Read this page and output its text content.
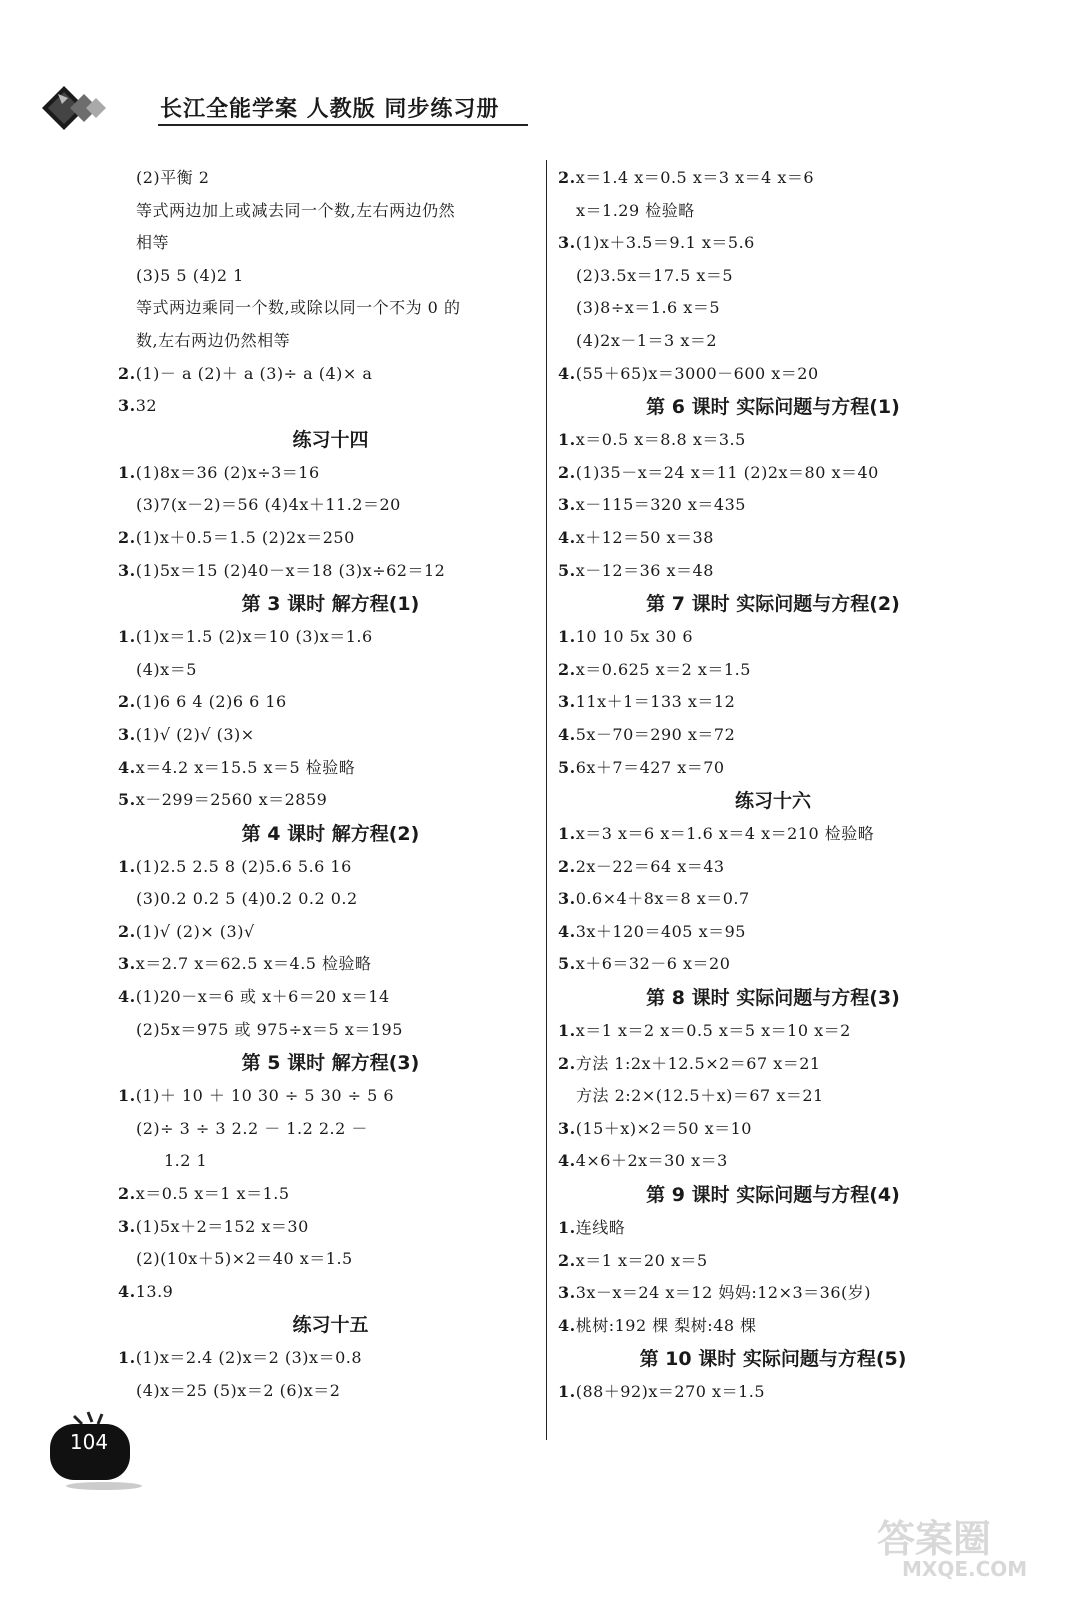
长江全能学案 人教版 同步练习册
(2)平衡 2
等式两边加上或减去同一个数,左右两边仍然
相等
(3)5 5 (4)2 1
等式两边乘同一个数,或除以同一个不为 0 的
数,左右两边仍然相等
2.(1)－ a (2)＋ a (3)÷ a (4)× a
3.32
练习十四
1.(1)8x＝36 (2)x÷3＝16
(3)7(x－2)＝56 (4)4x＋11.2＝20
2.(1)x＋0.5＝1.5 (2)2x＝250
3.(1)5x＝15 (2)40－x＝18 (3)x÷62＝12
第 3 课时 解方程(1)
1.(1)x＝1.5 (2)x＝10 (3)x＝1.6
(4)x＝5
2.(1)6 6 4 (2)6 6 16
3.(1)√ (2)√ (3)×
4.x＝4.2 x＝15.5 x＝5 检验略
5.x－299＝2560 x＝2859
第 4 课时 解方程(2)
1.(1)2.5 2.5 8 (2)5.6 5.6 16
(3)0.2 0.2 5 (4)0.2 0.2 0.2
2.(1)√ (2)× (3)√
3.x＝2.7 x＝62.5 x＝4.5 检验略
4.(1)20－x＝6 或 x＋6＝20 x＝14
(2)5x＝975 或 975÷x＝5 x＝195
第 5 课时 解方程(3)
1.(1)＋ 10 ＋ 10 30 ÷ 5 30 ÷ 5 6
(2)÷ 3 ÷ 3 2.2 － 1.2 2.2 －
1.2 1
2.x＝0.5 x＝1 x＝1.5
3.(1)5x＋2＝152 x＝30
(2)(10x＋5)×2＝40 x＝1.5
4.13.9
练习十五
1.(1)x＝2.4 (2)x＝2 (3)x＝0.8
(4)x＝25 (5)x＝2 (6)x＝2
2.x＝1.4 x＝0.5 x＝3 x＝4 x＝6
x＝1.29 检验略
3.(1)x＋3.5＝9.1 x＝5.6
(2)3.5x＝17.5 x＝5
(3)8÷x＝1.6 x＝5
(4)2x－1＝3 x＝2
4.(55＋65)x＝3000－600 x＝20
第 6 课时 实际问题与方程(1)
1.x＝0.5 x＝8.8 x＝3.5
2.(1)35－x＝24 x＝11 (2)2x＝80 x＝40
3.x－115＝320 x＝435
4.x＋12＝50 x＝38
5.x－12＝36 x＝48
第 7 课时 实际问题与方程(2)
1.10 10 5x 30 6
2.x＝0.625 x＝2 x＝1.5
3.11x＋1＝133 x＝12
4.5x－70＝290 x＝72
5.6x＋7＝427 x＝70
练习十六
1.x＝3 x＝6 x＝1.6 x＝4 x＝210 检验略
2.2x－22＝64 x＝43
3.0.6×4＋8x＝8 x＝0.7
4.3x＋120＝405 x＝95
5.x＋6＝32－6 x＝20
第 8 课时 实际问题与方程(3)
1.x＝1 x＝2 x＝0.5 x＝5 x＝10 x＝2
2.方法 1:2x＋12.5×2＝67 x＝21
方法 2:2×(12.5＋x)＝67 x＝21
3.(15＋x)×2＝50 x＝10
4.4×6＋2x＝30 x＝3
第 9 课时 实际问题与方程(4)
1.连线略
2.x＝1 x＝20 x＝5
3.3x－x＝24 x＝12 妈妈:12×3＝36(岁)
4.桃树:192 棵 梨树:48 棵
第 10 课时 实际问题与方程(5)
1.(88＋92)x＝270 x＝1.5
104
答案圈
MXQE.COM
